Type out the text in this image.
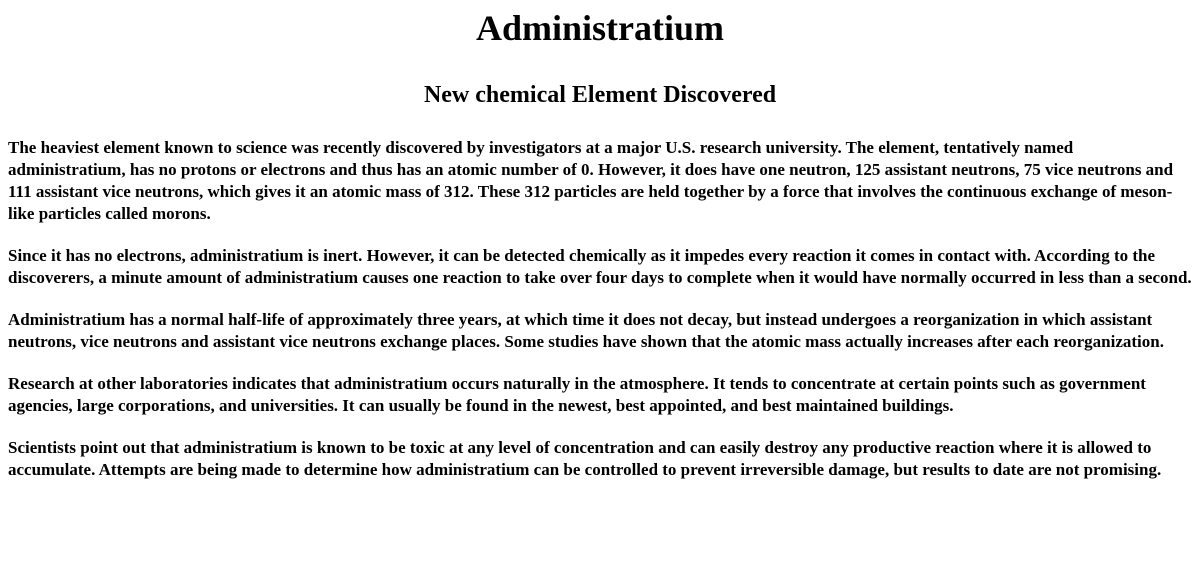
Administratium
New chemical Element Discovered

The heaviest element known to science was recently discovered by investigators at a major U.S. research university. The element, tentatively named administratium, has no protons or electrons and thus has an atomic number of 0. However, it does have one neutron, 125 assistant neutrons, 75 vice neutrons and 111 assistant vice neutrons, which gives it an atomic mass of 312. These 312 particles are held together by a force that involves the continuous exchange of meson-like particles called morons.

Since it has no electrons, administratium is inert. However, it can be detected chemically as it impedes every reaction it comes in contact with. According to the discoverers, a minute amount of administratium causes one reaction to take over four days to complete when it would have normally occurred in less than a second.

Administratium has a normal half-life of approximately three years, at which time it does not decay, but instead undergoes a reorganization in which assistant neutrons, vice neutrons and assistant vice neutrons exchange places. Some studies have shown that the atomic mass actually increases after each reorganization.

Research at other laboratories indicates that administratium occurs naturally in the atmosphere. It tends to concentrate at certain points such as government agencies, large corporations, and universities. It can usually be found in the newest, best appointed, and best maintained buildings.

Scientists point out that administratium is known to be toxic at any level of concentration and can easily destroy any productive reaction where it is allowed to accumulate. Attempts are being made to determine how administratium can be controlled to prevent irreversible damage, but results to date are not promising.
